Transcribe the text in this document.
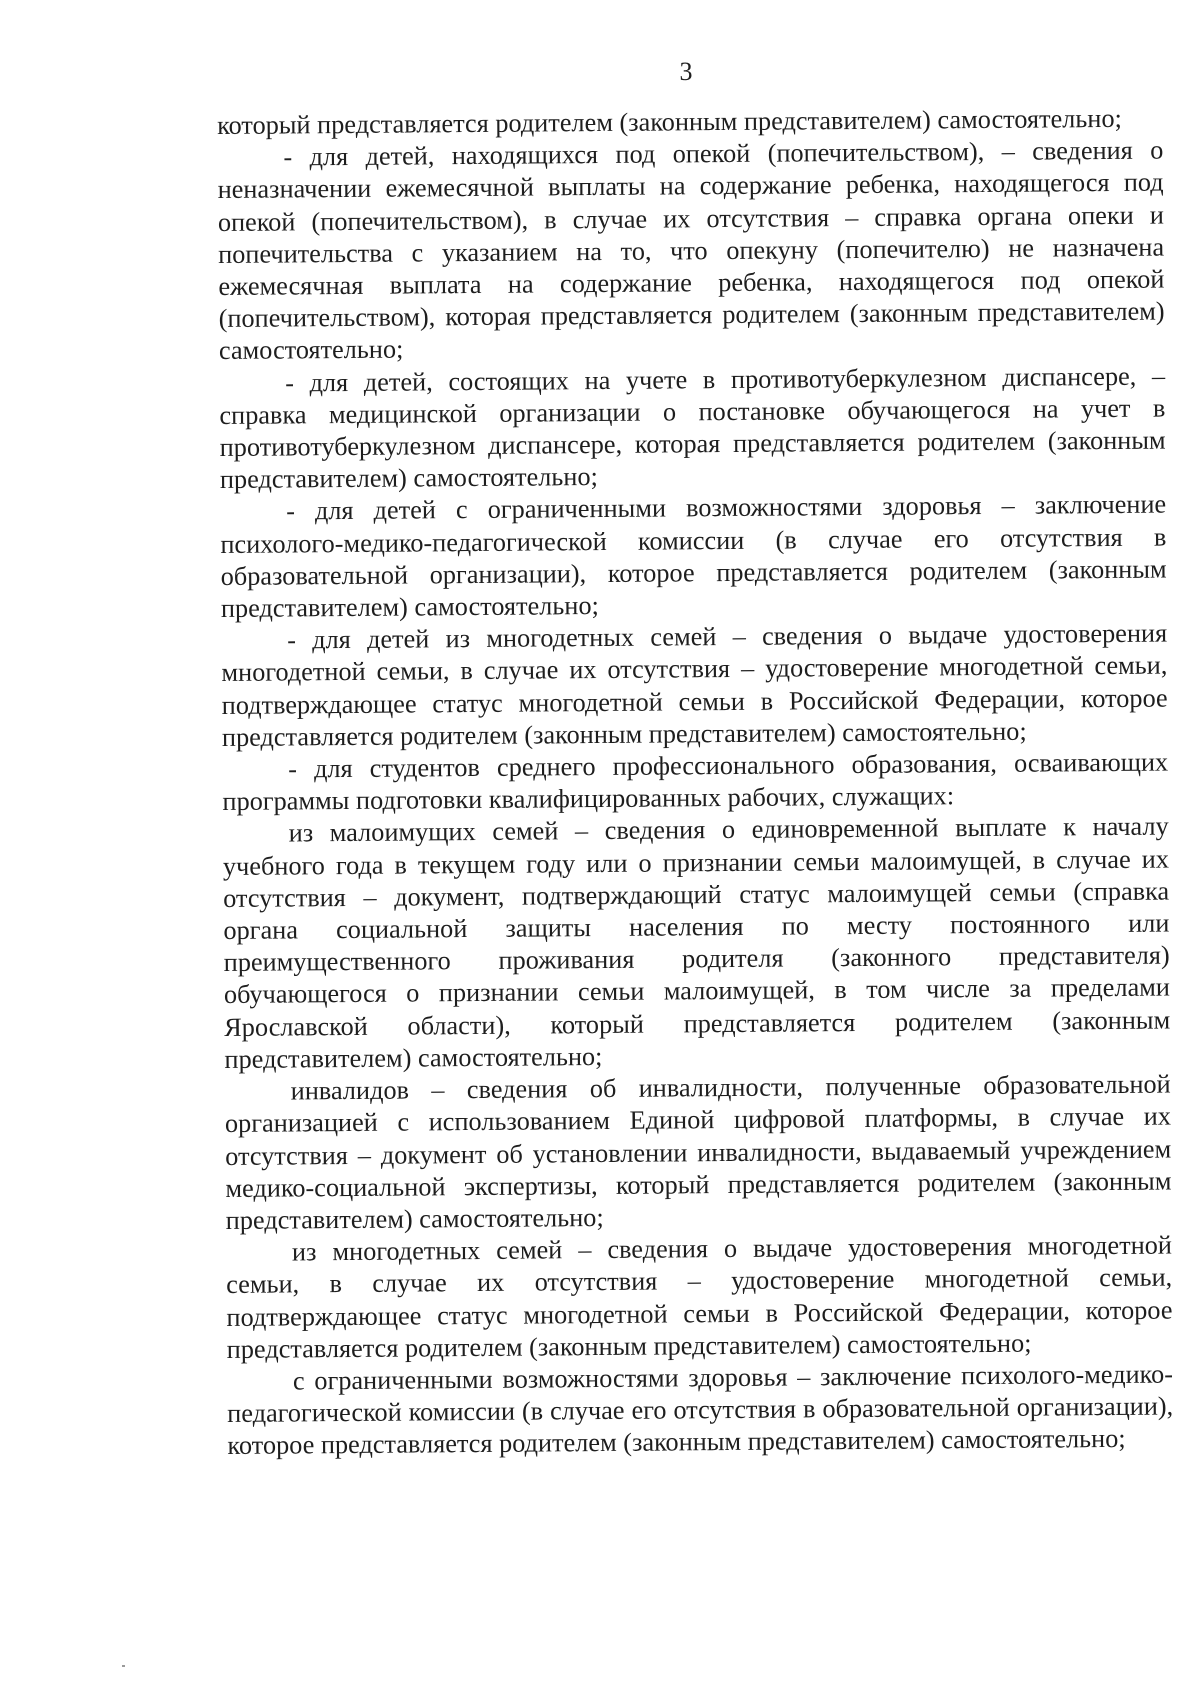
3

который представляется родителем (законным представителем) самостоятельно;

- для детей, находящихся под опекой (попечительством), – сведения о неназначении ежемесячной выплаты на содержание ребенка, находящегося под опекой (попечительством), в случае их отсутствия – справка органа опеки и попечительства с указанием на то, что опекуну (попечителю) не назначена ежемесячная выплата на содержание ребенка, находящегося под опекой (попечительством), которая представляется родителем (законным представителем) самостоятельно;

- для детей, состоящих на учете в противотуберкулезном диспансере, – справка медицинской организации о постановке обучающегося на учет в противотуберкулезном диспансере, которая представляется родителем (законным представителем) самостоятельно;

- для детей с ограниченными возможностями здоровья – заключение психолого-медико-педагогической комиссии (в случае его отсутствия в образовательной организации), которое представляется родителем (законным представителем) самостоятельно;

- для детей из многодетных семей – сведения о выдаче удостоверения многодетной семьи, в случае их отсутствия – удостоверение многодетной семьи, подтверждающее статус многодетной семьи в Российской Федерации, которое представляется родителем (законным представителем) самостоятельно;

- для студентов среднего профессионального образования, осваивающих программы подготовки квалифицированных рабочих, служащих:

из малоимущих семей – сведения о единовременной выплате к началу учебного года в текущем году или о признании семьи малоимущей, в случае их отсутствия – документ, подтверждающий статус малоимущей семьи (справка органа социальной защиты населения по месту постоянного или преимущественного проживания родителя (законного представителя) обучающегося о признании семьи малоимущей, в том числе за пределами Ярославской области), который представляется родителем (законным представителем) самостоятельно;

инвалидов – сведения об инвалидности, полученные образовательной организацией с использованием Единой цифровой платформы, в случае их отсутствия – документ об установлении инвалидности, выдаваемый учреждением медико-социальной экспертизы, который представляется родителем (законным представителем) самостоятельно;

из многодетных семей – сведения о выдаче удостоверения многодетной семьи, в случае их отсутствия – удостоверение многодетной семьи, подтверждающее статус многодетной семьи в Российской Федерации, которое представляется родителем (законным представителем) самостоятельно;

с ограниченными возможностями здоровья – заключение психолого-медико-педагогической комиссии (в случае его отсутствия в образовательной организации), которое представляется родителем (законным представителем) самостоятельно;
